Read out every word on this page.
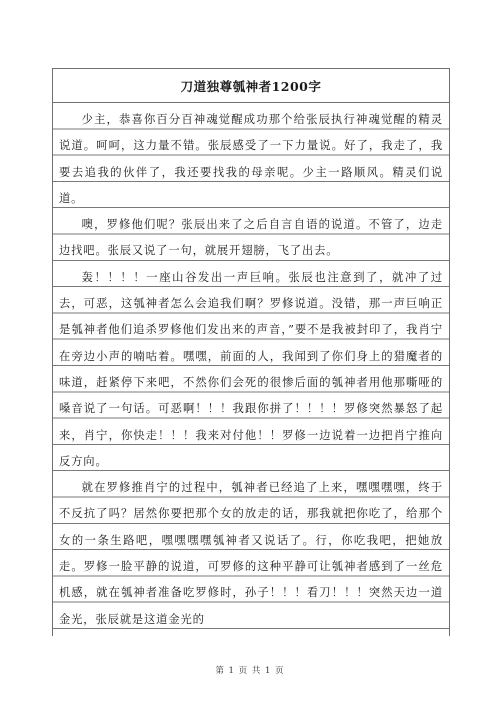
刀道独尊瓠神者1200字

少主，恭喜你百分百神魂觉醒成功那个给张辰执行神魂觉醒的精灵说道。呵呵，这力量不错。张辰感受了一下力量说。好了，我走了，我要去追我的伙伴了，我还要找我的母亲呢。少主一路顺风。精灵们说道。

噢，罗修他们呢？张辰出来了之后自言自语的说道。不管了，边走边找吧。张辰又说了一句，就展开翅膀，飞了出去。

轰！！！！一座山谷发出一声巨响。张辰也注意到了，就冲了过去，可恶，这瓠神者怎么会追我们啊？罗修说道。没错，那一声巨响正是瓠神者他们追杀罗修他们发出来的声音，”要不是我被封印了，我肖宁在旁边小声的喃咕着。嘿嘿，前面的人，我闻到了你们身上的猎魔者的味道，赶紧停下来吧，不然你们会死的很惨后面的瓠神者用他那嘶哑的嗓音说了一句话。可恶啊！！！我跟你拼了！！！！罗修突然暴怒了起来，肖宁，你快走！！！我来对付他！！罗修一边说着一边把肖宁推向反方向。

就在罗修推肖宁的过程中，瓠神者已经追了上来，嘿嘿嘿嘿，终于不反抗了吗？居然你要把那个女的放走的话，那我就把你吃了，给那个女的一条生路吧，嘿嘿嘿嘿瓠神者又说话了。行，你吃我吧，把她放走。罗修一脸平静的说道，可罗修的这种平静可让瓠神者感到了一丝危机感，就在瓠神者准备吃罗修时，孙子！！！看刀！！！突然天边一道金光，张辰就是这道金光的

第 1 页 共 1 页
